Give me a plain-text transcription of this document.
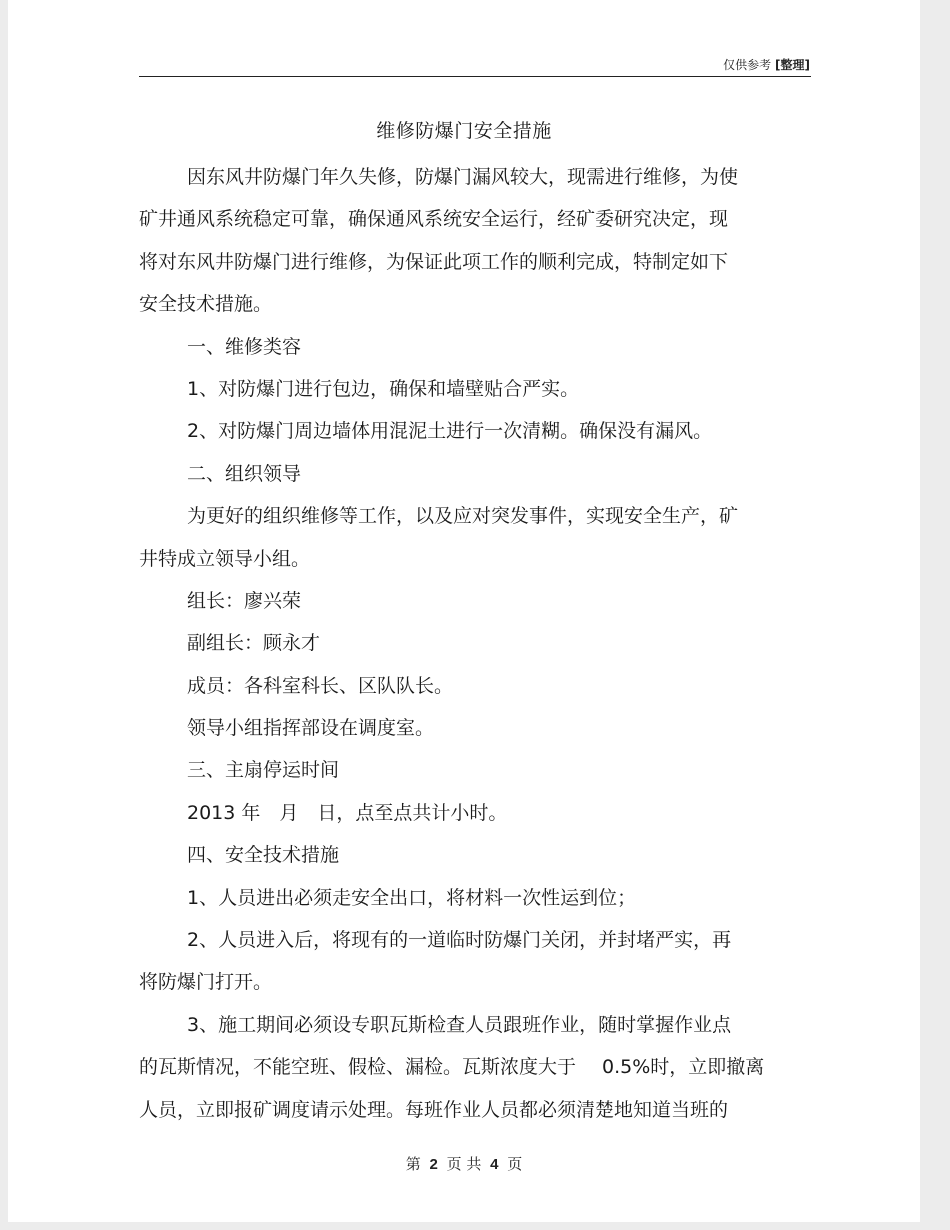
仅供参考 [整理]
维修防爆门安全措施
因东风井防爆门年久失修，防爆门漏风较大，现需进行维修，为使
矿井通风系统稳定可靠，确保通风系统安全运行，经矿委研究决定，现
将对东风井防爆门进行维修，为保证此项工作的顺利完成，特制定如下
安全技术措施。
一、维修类容
1、对防爆门进行包边，确保和墙壁贴合严实。
2、对防爆门周边墙体用混泥土进行一次清糊。确保没有漏风。
二、组织领导
为更好的组织维修等工作，以及应对突发事件，实现安全生产，矿
井特成立领导小组。
组长：廖兴荣
副组长：顾永才
成员：各科室科长、区队队长。
领导小组指挥部设在调度室。
三、主扇停运时间
2013 年　月　日，点至点共计小时。
四、安全技术措施
1、人员进出必须走安全出口，将材料一次性运到位；
2、人员进入后，将现有的一道临时防爆门关闭，并封堵严实，再
将防爆门打开。
3、施工期间必须设专职瓦斯检查人员跟班作业，随时掌握作业点
的瓦斯情况，不能空班、假检、漏检。瓦斯浓度大于 0.5%时，立即撤离
人员，立即报矿调度请示处理。每班作业人员都必须清楚地知道当班的
第 2 页 共 4 页
